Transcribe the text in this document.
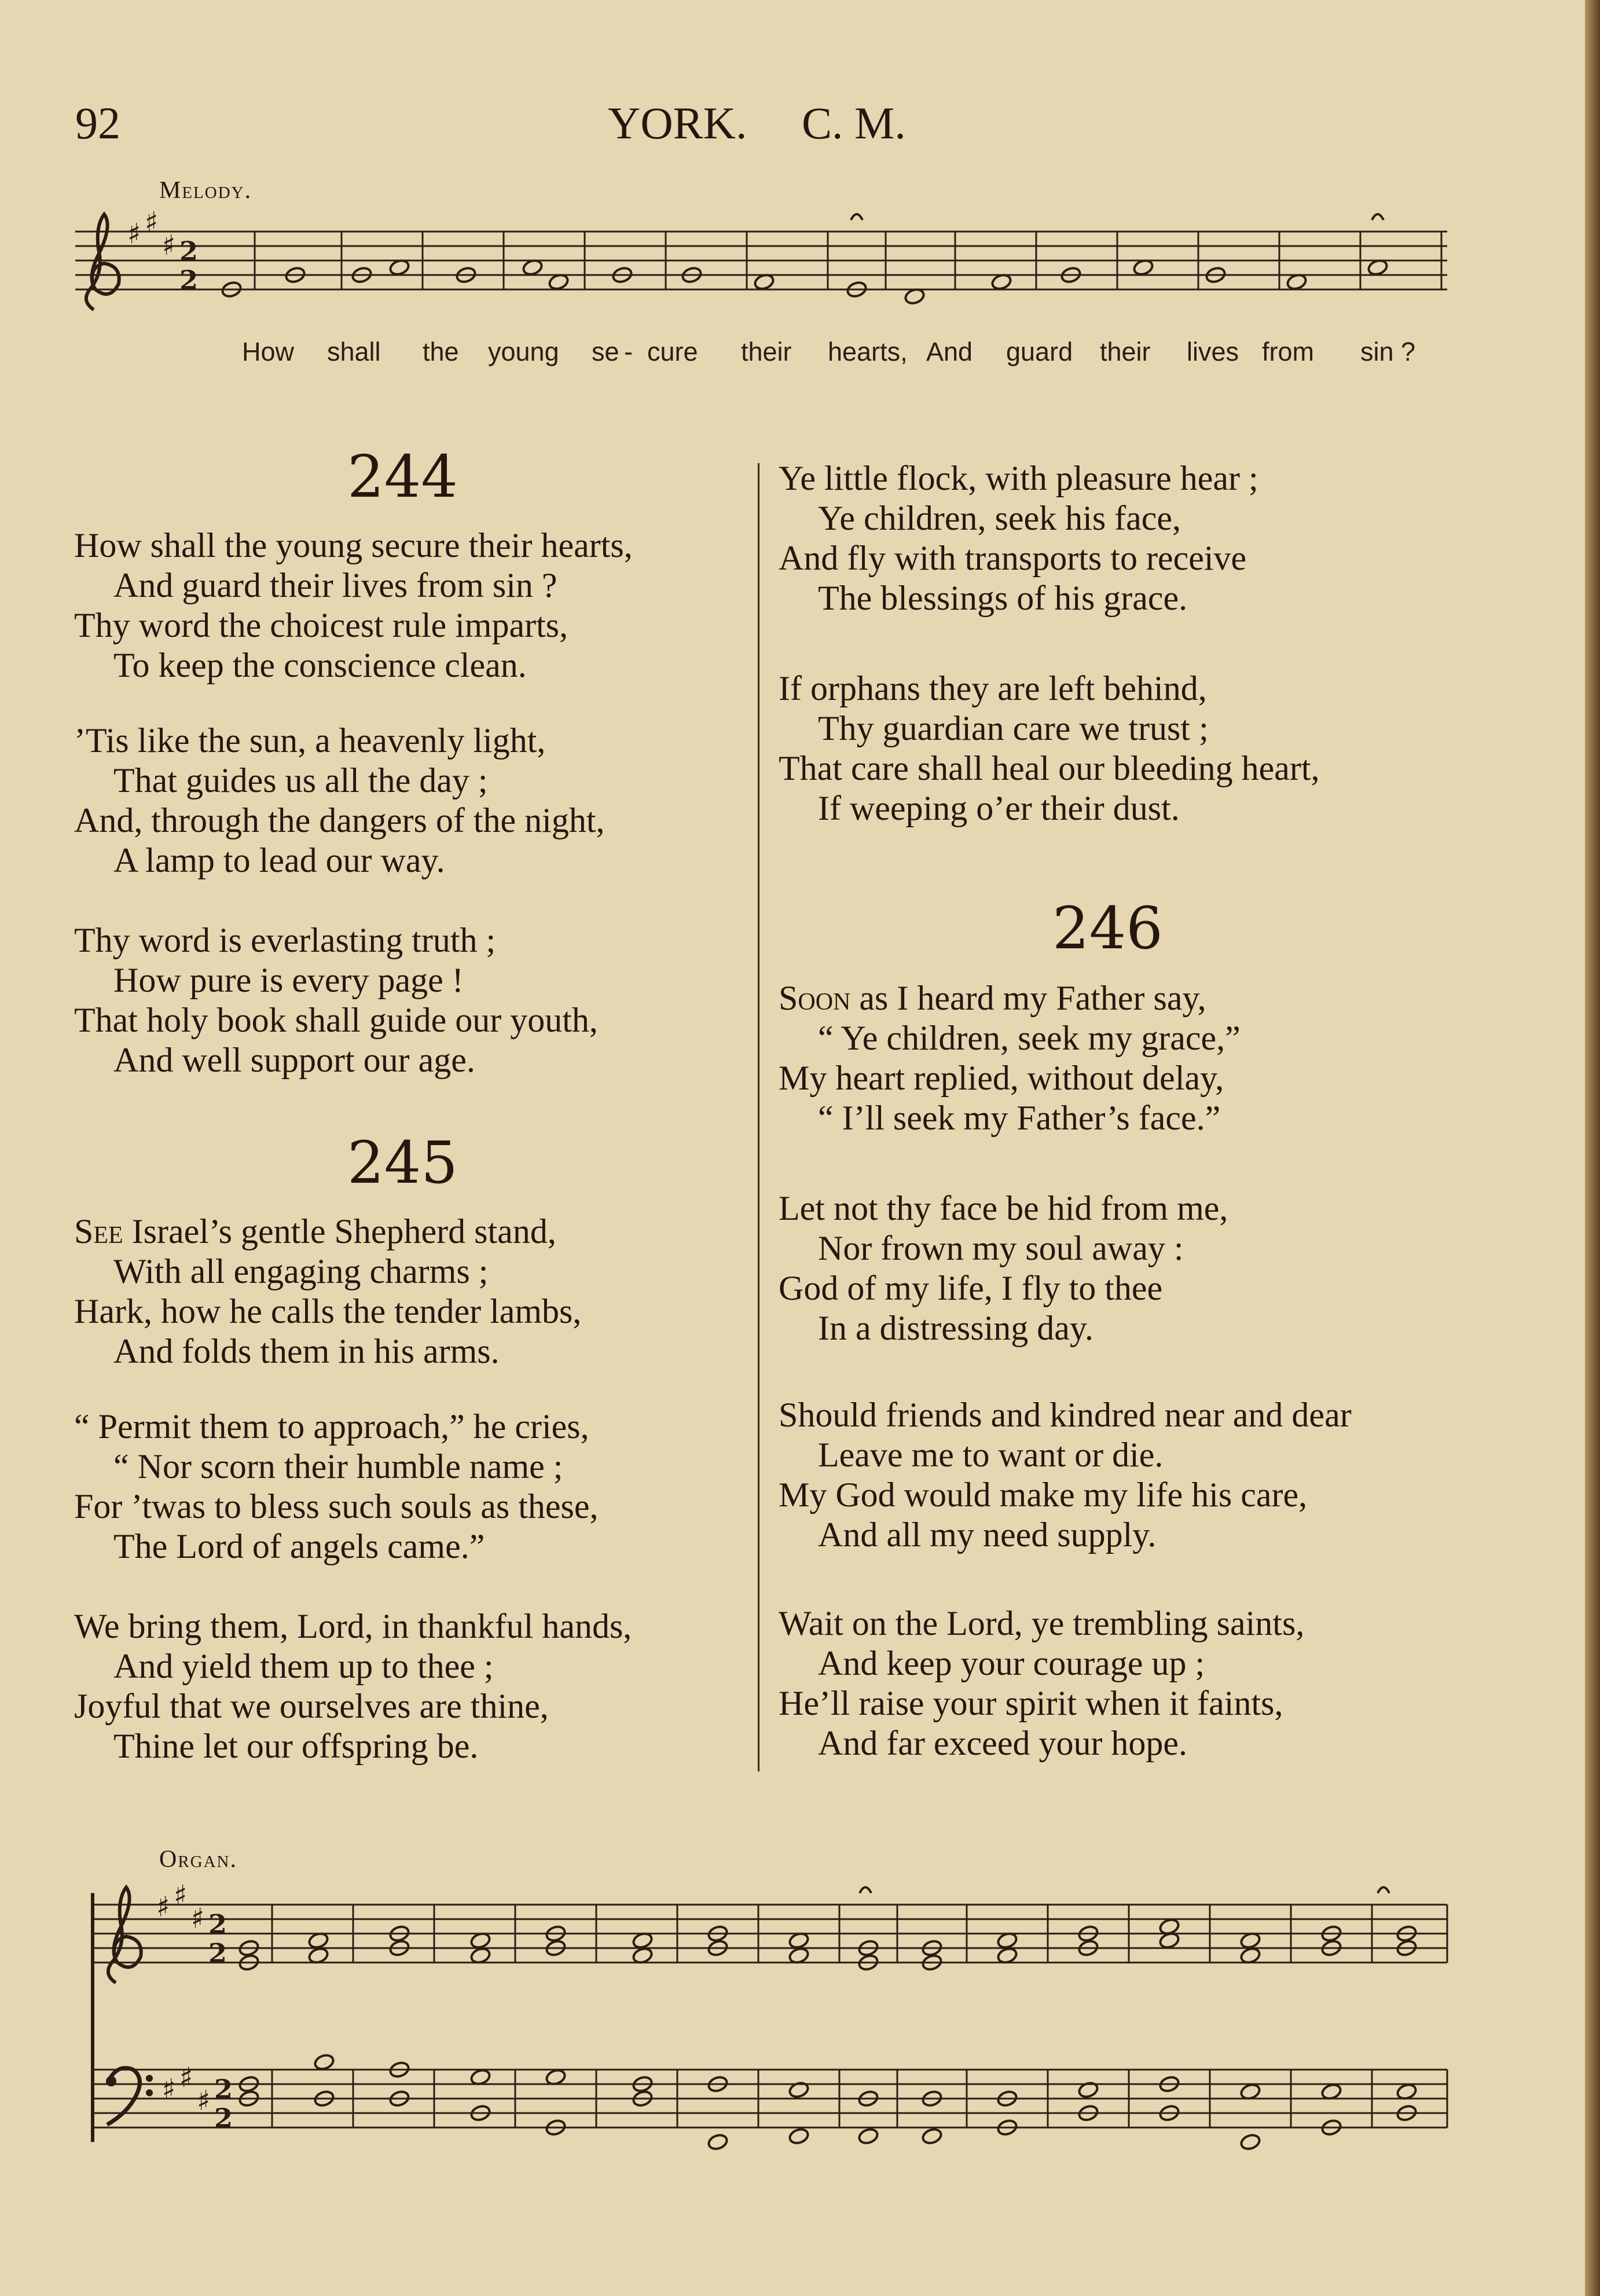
92	YORK. C. M.
Melody.
♯ ♯
♯ 2
2
How shall the young se - cure their hearts, And guard their lives from sin ?
244
How shall the young secure their hearts,
And guard their lives from sin ?
Thy word the choicest rule imparts,
To keep the conscience clean.
’Tis like the sun, a heavenly light,
That guides us all the day ;
And, through the dangers of the night,
A lamp to lead our way.
Thy word is everlasting truth ;
How pure is every page !
That holy book shall guide our youth,
And well support our age.
245
See Israel’s gentle Shepherd stand,
With all engaging charms ;
Hark, how he calls the tender lambs,
And folds them in his arms.
“ Permit them to approach,” he cries,
“ Nor scorn their humble name ;
For ’twas to bless such souls as these,
The Lord of angels came.”
We bring them, Lord, in thankful hands,
And yield them up to thee ;
Joyful that we ourselves are thine,
Thine let our offspring be.
Ye little flock, with pleasure hear ;
Ye children, seek his face,
And fly with transports to receive
The blessings of his grace.
If orphans they are left behind,
Thy guardian care we trust ;
That care shall heal our bleeding heart,
If weeping o’er their dust.
246
Soon as I heard my Father say,
“ Ye children, seek my grace,”
My heart replied, without delay,
“ I’ll seek my Father’s face.”
Let not thy face be hid from me,
Nor frown my soul away :
God of my life, I fly to thee
In a distressing day.
Should friends and kindred near and dear
Leave me to want or die.
My God would make my life his care,
And all my need supply.
Wait on the Lord, ye trembling saints,
And keep your courage up ;
He’ll raise your spirit when it faints,
And far exceed your hope.
Organ.
♯ ♯
♯ 2
2
♯ ♯
♯ 2
2
